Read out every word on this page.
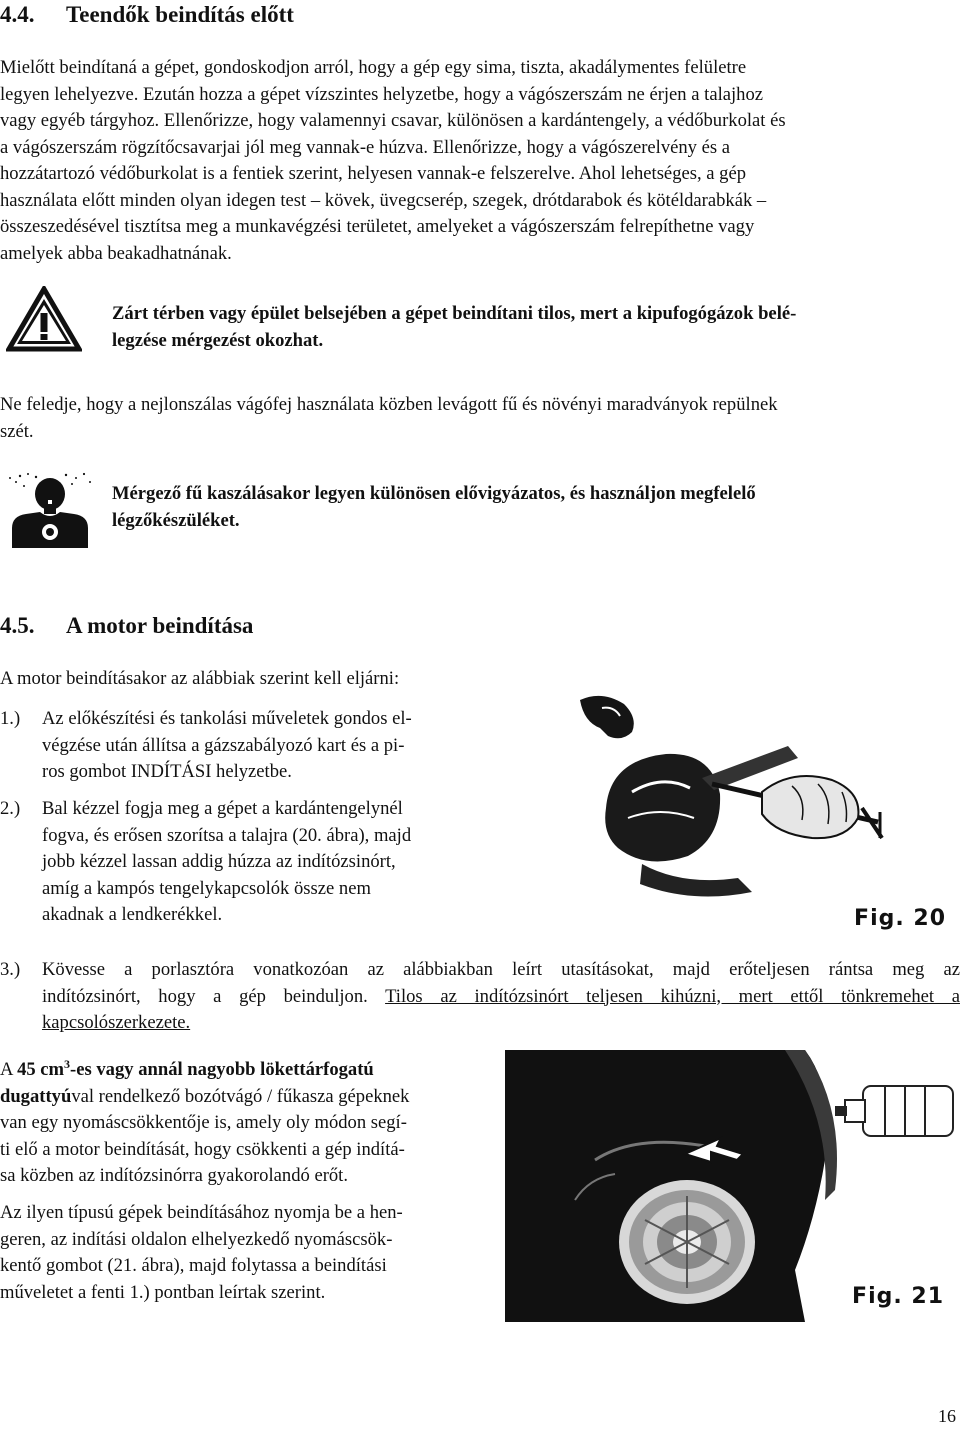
4.4. Teendők beindítás előtt
Mielőtt beindítaná a gépet, gondoskodjon arról, hogy a gép egy sima, tiszta, akadálymentes felületre
legyen lehelyezve. Ezután hozza a gépet vízszintes helyzetbe, hogy a vágószerszám ne érjen a talajhoz
vagy egyéb tárgyhoz. Ellenőrizze, hogy valamennyi csavar, különösen a kardántengely, a védőburkolat és
a vágószerszám rögzítőcsavarjai jól meg vannak-e húzva. Ellenőrizze, hogy a vágószerelvény és a
hozzátartozó védőburkolat is a fentiek szerint, helyesen vannak-e felszerelve. Ahol lehetséges, a gép
használata előtt minden olyan idegen test – kövek, üvegcserép, szegek, drótdarabok és kötéldarabkák –
összeszedésével tisztítsa meg a munkavégzési területet, amelyeket a vágószerszám felrepíthetne vagy
amelyek abba beakadhatnának.
Zárt térben vagy épület belsejében a gépet beindítani tilos, mert a kipufogógázok belé-
legzése mérgezést okozhat.
Ne feledje, hogy a nejlonszálas vágófej használata közben levágott fű és növényi maradványok repülnek
szét.
Mérgező fű kaszálásakor legyen különösen elővigyázatos, és használjon megfelelő
légzőkészüléket.
4.5. A motor beindítása
A motor beindításakor az alábbiak szerint kell eljárni:
1.) Az előkészítési és tankolási műveletek gondos el-
végzése után állítsa a gázszabályozó kart és a pi-
ros gombot INDÍTÁSI helyzetbe.
2.) Bal kézzel fogja meg a gépet a kardántengelynél
fogva, és erősen szorítsa a talajra (20. ábra), majd
jobb kézzel lassan addig húzza az indítózsinórt,
amíg a kampós tengelykapcsolók össze nem
akadnak a lendkerékkel.	Fig. 20
3.) Kövesse a porlasztóra vonatkozóan az alábbiakban leírt utasításokat, majd erőteljesen rántsa meg az
indítózsinórt, hogy a gép beinduljon. Tilos az indítózsinórt teljesen kihúzni, mert ettől tönkremehet a
kapcsolószerkezete.
A 45 $cm^3-es$ vagy annál nagyobb lökettárfogatú
dugattyúval rendelkező bozótvágó / fűkasza gépeknek
van egy nyomáscsökkentője is, amely oly módon segí-
ti elő a motor beindítását, hogy csökkenti a gép indítá-
sa közben az indítózsinórra gyakorolandó erőt.
Az ilyen típusú gépek beindításához nyomja be a hen-
geren, az indítási oldalon elhelyezkedő nyomáscsök-
kentő gombot (21. ábra), majd folytassa a beindítási
műveletet a fenti 1.) pontban leírtak szerint.	Fig. 21
16
